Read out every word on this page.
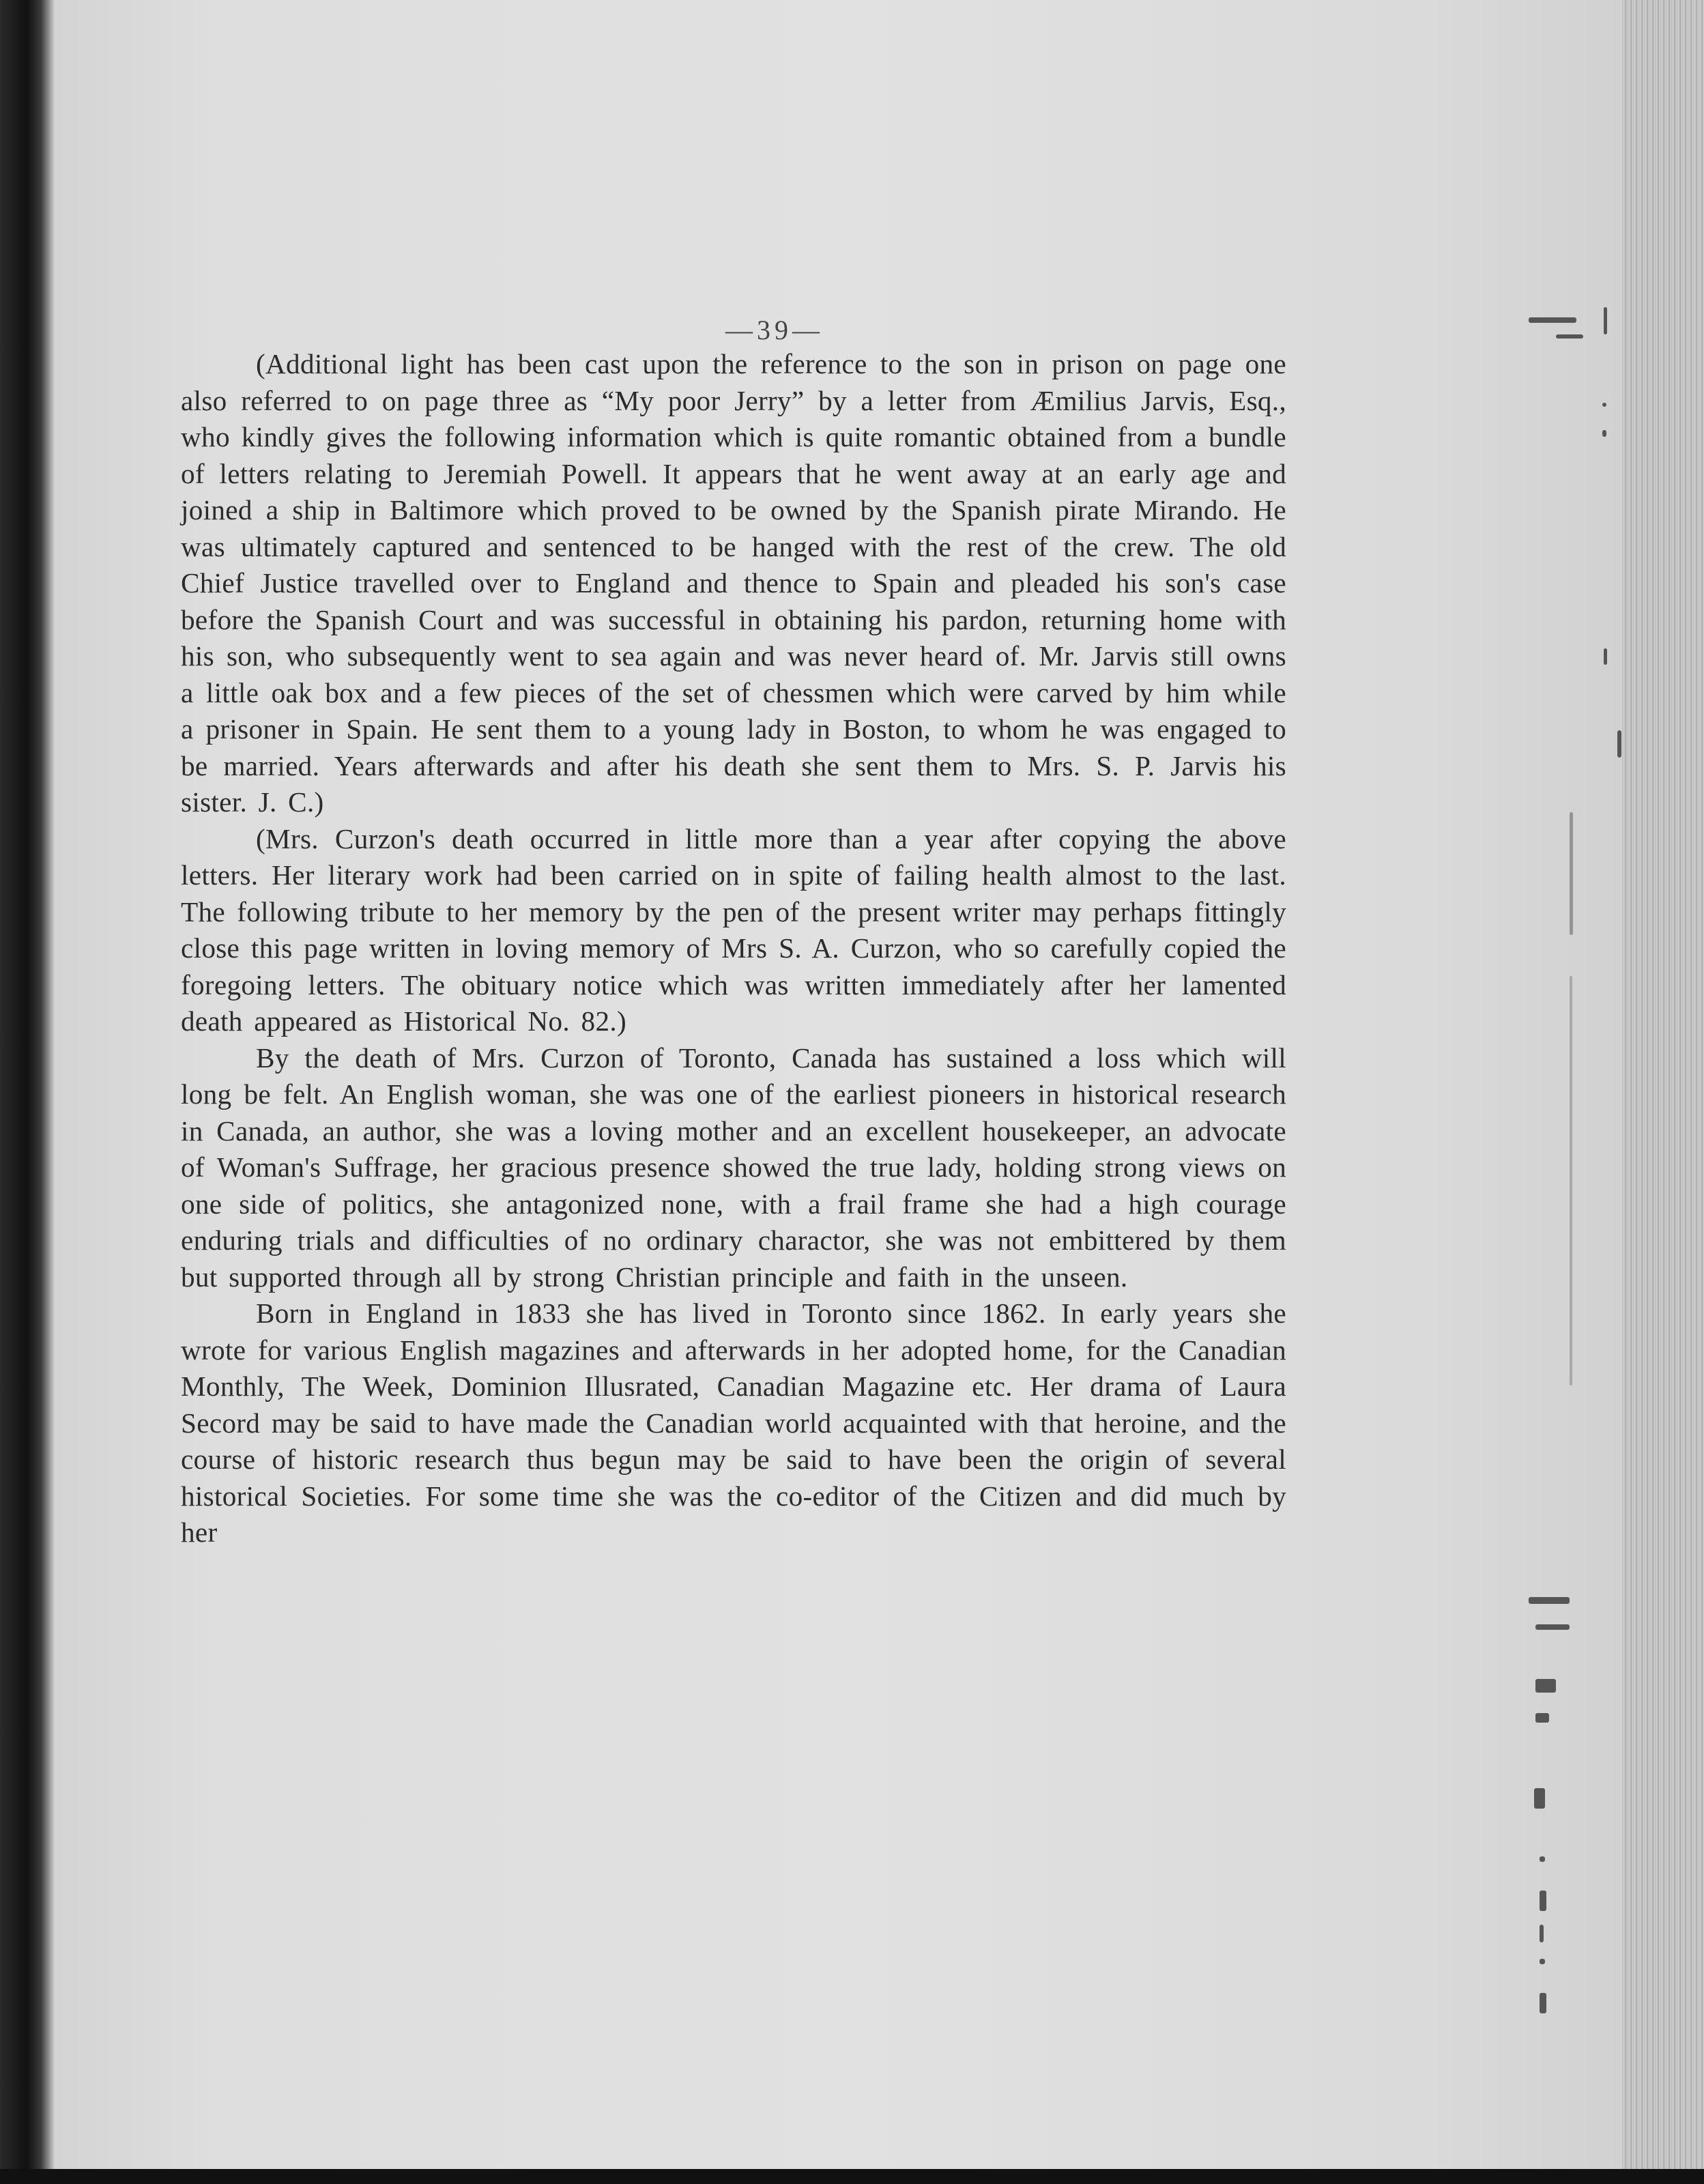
—39—

(Additional light has been cast upon the reference to the son in prison on page one also referred to on page three as “My poor Jerry” by a letter from Æmilius Jarvis, Esq., who kindly gives the following information which is quite romantic obtained from a bundle of letters relating to Jeremiah Powell. It appears that he went away at an early age and joined a ship in Baltimore which proved to be owned by the Spanish pirate Mirando. He was ultimately captured and sentenced to be hanged with the rest of the crew. The old Chief Justice travelled over to England and thence to Spain and pleaded his son's case before the Spanish Court and was successful in obtaining his pardon, returning home with his son, who subsequently went to sea again and was never heard of. Mr. Jarvis still owns a little oak box and a few pieces of the set of chessmen which were carved by him while a prisoner in Spain. He sent them to a young lady in Boston, to whom he was engaged to be married. Years afterwards and after his death she sent them to Mrs. S. P. Jarvis his sister. J. C.)

(Mrs. Curzon's death occurred in little more than a year after copying the above letters. Her literary work had been carried on in spite of failing health almost to the last. The following tribute to her memory by the pen of the present writer may perhaps fittingly close this page written in loving memory of Mrs S. A. Curzon, who so carefully copied the foregoing letters. The obituary notice which was written immediately after her lamented death appeared as Historical No. 82.)

By the death of Mrs. Curzon of Toronto, Canada has sustained a loss which will long be felt. An English woman, she was one of the earliest pioneers in historical research in Canada, an author, she was a loving mother and an excellent housekeeper, an advocate of Woman's Suffrage, her gracious presence showed the true lady, holding strong views on one side of politics, she antagonized none, with a frail frame she had a high courage enduring trials and difficulties of no ordinary charactor, she was not embittered by them but supported through all by strong Christian principle and faith in the unseen.

Born in England in 1833 she has lived in Toronto since 1862. In early years she wrote for various English magazines and afterwards in her adopted home, for the Canadian Monthly, The Week, Dominion Illusrated, Canadian Magazine etc. Her drama of Laura Secord may be said to have made the Canadian world acquainted with that heroine, and the course of historic research thus begun may be said to have been the origin of several historical Societies. For some time she was the co-editor of the Citizen and did much by her
